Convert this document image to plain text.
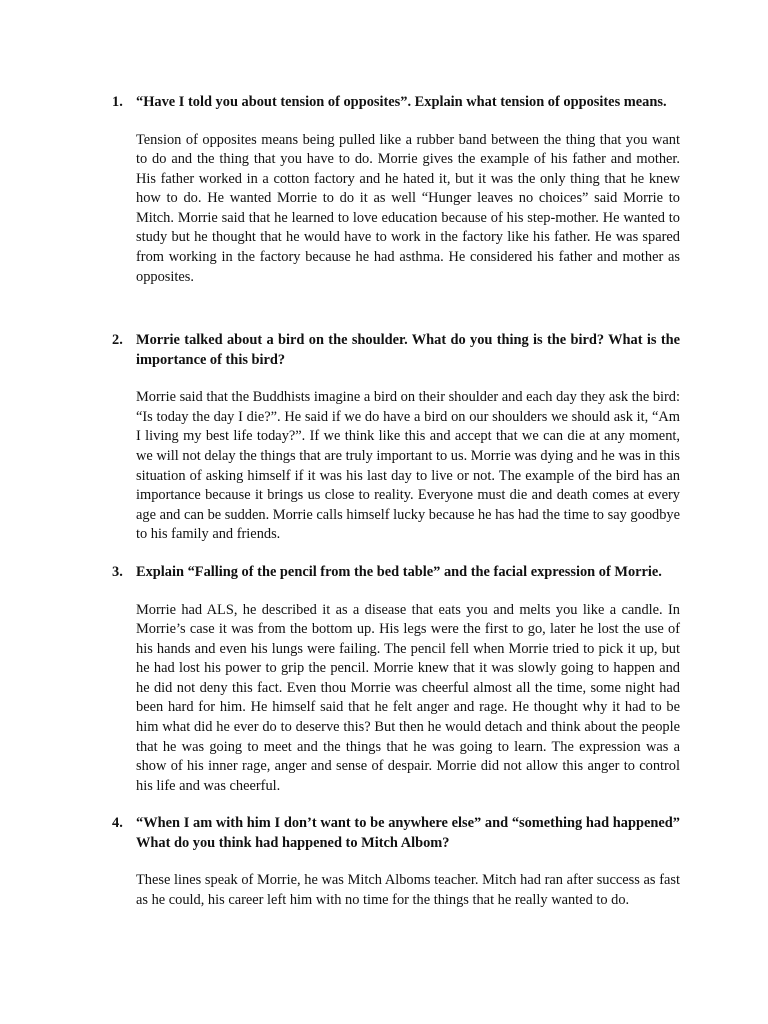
1. “Have I told you about tension of opposites”. Explain what tension of opposites means.
Tension of opposites means being pulled like a rubber band between the thing that you want to do and the thing that you have to do. Morrie gives the example of his father and mother. His father worked in a cotton factory and he hated it, but it was the only thing that he knew how to do. He wanted Morrie to do it as well “Hunger leaves no choices” said Morrie to Mitch. Morrie said that he learned to love education because of his step-mother. He wanted to study but he thought that he would have to work in the factory like his father. He was spared from working in the factory because he had asthma. He considered his father and mother as opposites.
2. Morrie talked about a bird on the shoulder. What do you thing is the bird? What is the importance of this bird?
Morrie said that the Buddhists imagine a bird on their shoulder and each day they ask the bird: “Is today the day I die?”. He said if we do have a bird on our shoulders we should ask it, “Am I living my best life today?”. If we think like this and accept that we can die at any moment, we will not delay the things that are truly important to us. Morrie was dying and he was in this situation of asking himself if it was his last day to live or not. The example of the bird has an importance because it brings us close to reality. Everyone must die and death comes at every age and can be sudden. Morrie calls himself lucky because he has had the time to say goodbye to his family and friends.
3. Explain “Falling of the pencil from the bed table” and the facial expression of Morrie.
Morrie had ALS, he described it as a disease that eats you and melts you like a candle. In Morrie’s case it was from the bottom up. His legs were the first to go, later he lost the use of his hands and even his lungs were failing. The pencil fell when Morrie tried to pick it up, but he had lost his power to grip the pencil. Morrie knew that it was slowly going to happen and he did not deny this fact. Even thou Morrie was cheerful almost all the time, some night had been hard for him. He himself said that he felt anger and rage. He thought why it had to be him what did he ever do to deserve this? But then he would detach and think about the people that he was going to meet and the things that he was going to learn. The expression was a show of his inner rage, anger and sense of despair. Morrie did not allow this anger to control his life and was cheerful.
4. “When I am with him I don’t want to be anywhere else” and “something had happened” What do you think had happened to Mitch Albom?
These lines speak of Morrie, he was Mitch Alboms teacher. Mitch had ran after success as fast as he could, his career left him with no time for the things that he really wanted to do.
